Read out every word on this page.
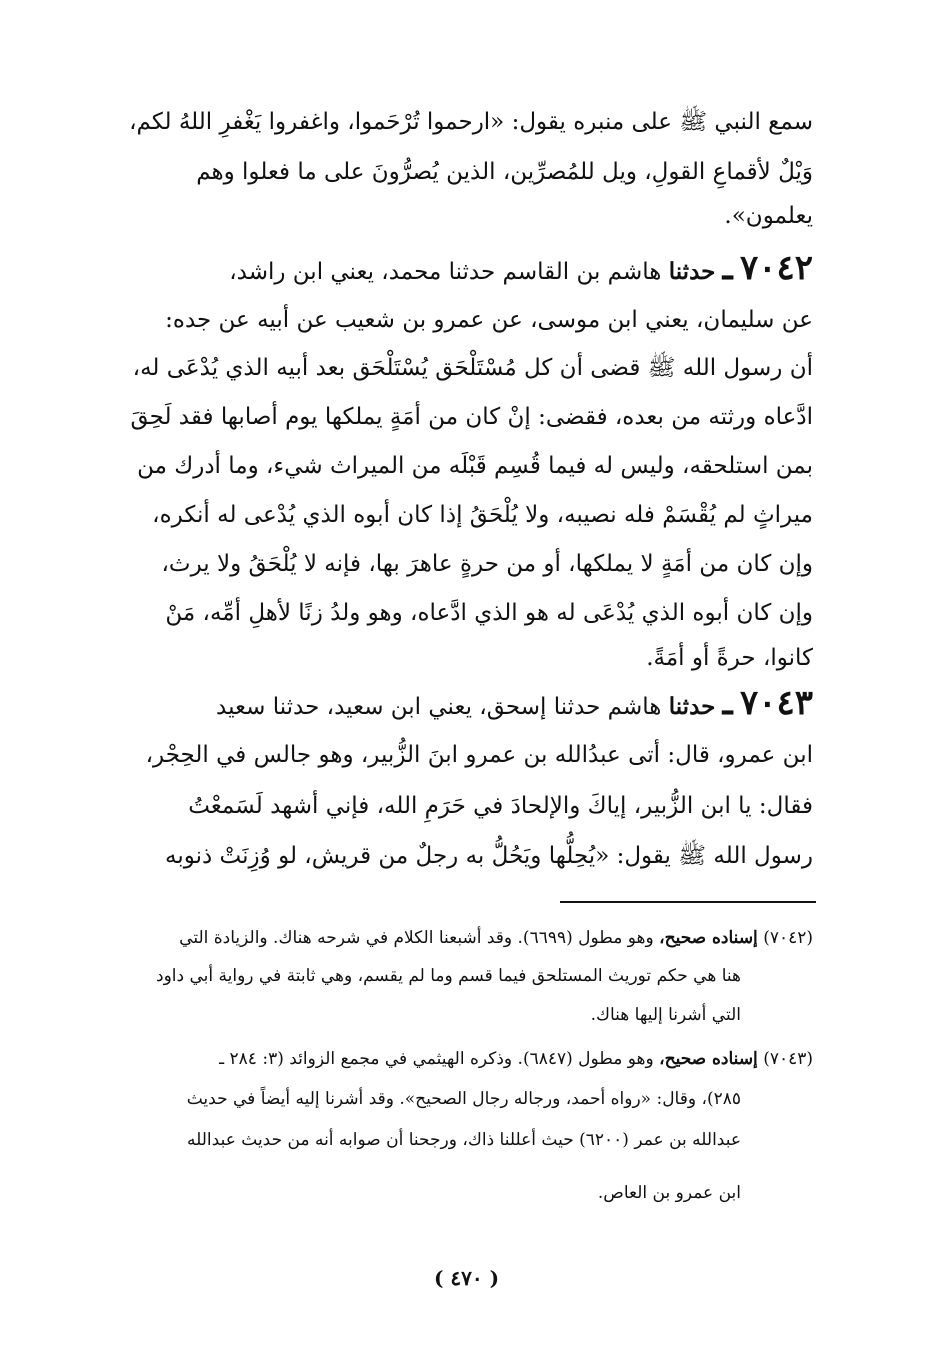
سمع النبي ﷺ على منبره يقول: «ارحموا تُرْحَموا، واغفروا يَغْفرِ اللهُ لكم،
وَيْلٌ لأقماعِ القولِ، ويل للمُصرِّين، الذين يُصرُّونَ على ما فعلوا وهم
يعلمون».
٧٠٤٢ ـ حدثنا هاشم بن القاسم حدثنا محمد، يعني ابن راشد،
عن سليمان، يعني ابن موسى، عن عمرو بن شعيب عن أبيه عن جده:
أن رسول الله ﷺ قضى أن كل مُسْتَلْحَق يُسْتَلْحَق بعد أبيه الذي يُدْعَى له،
ادَّعاه ورثته من بعده، فقضى: إنْ كان من أمَةٍ يملكها يوم أصابها فقد لَحِقَ
بمن استلحقه، وليس له فيما قُسِم قَبْلَه من الميراث شيء، وما أدرك من
ميراثٍ لم يُقْسَمْ فله نصيبه، ولا يُلْحَقُ إذا كان أبوه الذي يُدْعى له أنكره،
وإن كان من أمَةٍ لا يملكها، أو من حرةٍ عاهرَ بها، فإنه لا يُلْحَقُ ولا يرث،
وإن كان أبوه الذي يُدْعَى له هو الذي ادَّعاه، وهو ولدُ زنًا لأهلِ أمِّه، مَنْ
كانوا، حرةً أو أمَةً.
٧٠٤٣ ـ حدثنا هاشم حدثنا إسحق، يعني ابن سعيد، حدثنا سعيد
ابن عمرو، قال: أتى عبدُالله بن عمرو ابنَ الزُّبير، وهو جالس في الحِجْر،
فقال: يا ابن الزُّبير، إياكَ والإلحادَ في حَرَمِ الله، فإني أشهد لَسَمعْتُ
رسول الله ﷺ يقول: «يُحِلُّها ويَحُلُّ به رجلٌ من قريش، لو وُزِنَتْ ذنوبه
(٧٠٤٢) إسناده صحيح، وهو مطول (٦٦٩٩). وقد أشبعنا الكلام في شرحه هناك. والزيادة التي
هنا هي حكم توريث المستلحق فيما قسم وما لم يقسم، وهي ثابتة في رواية أبي داود
التي أشرنا إليها هناك.
(٧٠٤٣) إسناده صحيح، وهو مطول (٦٨٤٧). وذكره الهيثمي في مجمع الزوائد (٣: ٢٨٤ ـ
٢٨٥)، وقال: «رواه أحمد، ورجاله رجال الصحيح». وقد أشرنا إليه أيضاً في حديث
عبدالله بن عمر (٦٢٠٠) حيث أعللنا ذاك، ورجحنا أن صوابه أنه من حديث عبدالله
ابن عمرو بن العاص.
( ٤٧٠ )
